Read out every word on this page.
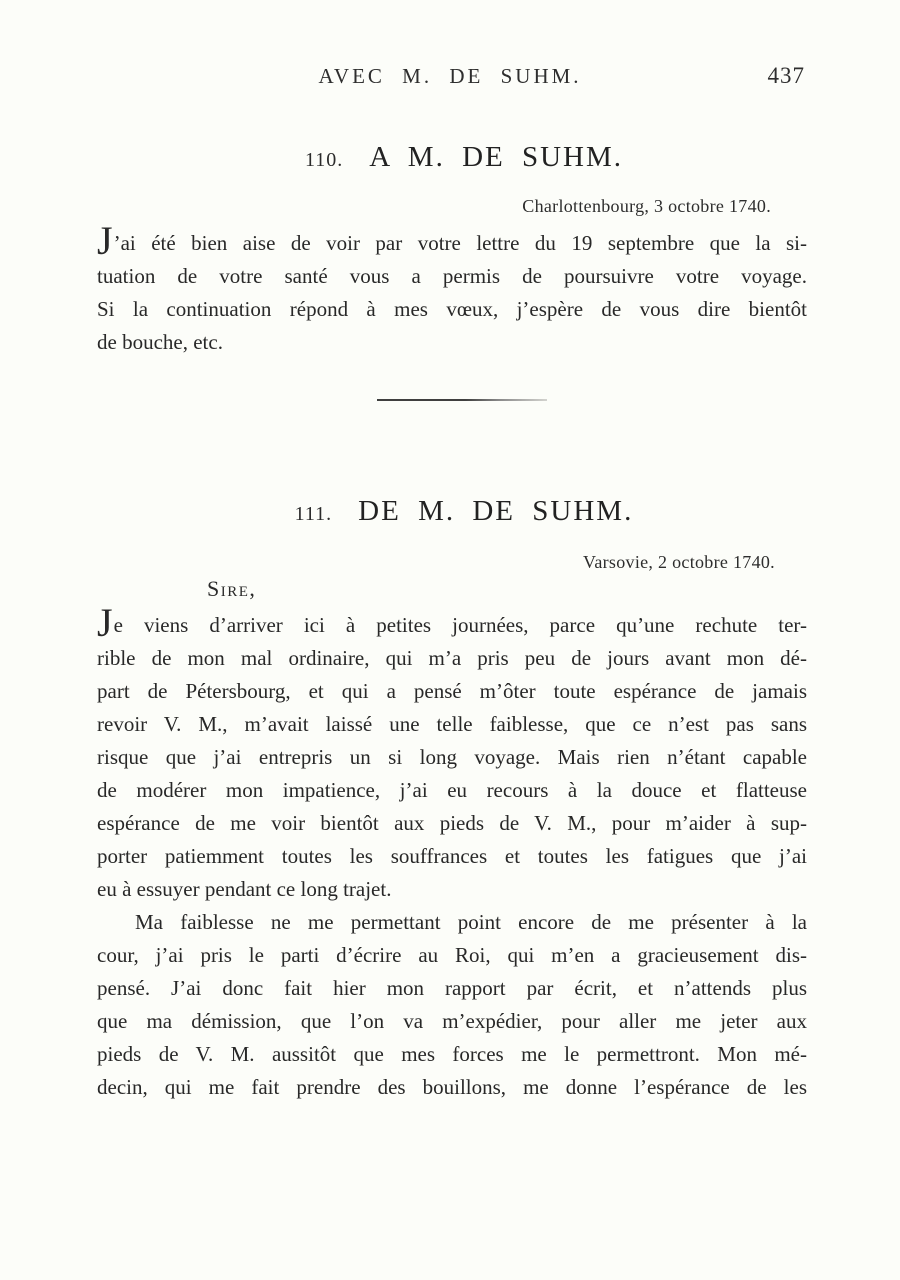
AVEC M. DE SUHM.	437
110. A M. DE SUHM.
Charlottenbourg, 3 octobre 1740.
J’ai été bien aise de voir par votre lettre du 19 septembre que la si-
tuation de votre santé vous a permis de poursuivre votre voyage.
Si la continuation répond à mes vœux, j’espère de vous dire bientôt
de bouche, etc.
111. DE M. DE SUHM.
Varsovie, 2 octobre 1740.
Sire,
Je viens d’arriver ici à petites journées, parce qu’une rechute ter-
rible de mon mal ordinaire, qui m’a pris peu de jours avant mon dé-
part de Pétersbourg, et qui a pensé m’ôter toute espérance de jamais
revoir V. M., m’avait laissé une telle faiblesse, que ce n’est pas sans
risque que j’ai entrepris un si long voyage. Mais rien n’étant capable
de modérer mon impatience, j’ai eu recours à la douce et flatteuse
espérance de me voir bientôt aux pieds de V. M., pour m’aider à sup-
porter patiemment toutes les souffrances et toutes les fatigues que j’ai
eu à essuyer pendant ce long trajet.
Ma faiblesse ne me permettant point encore de me présenter à la
cour, j’ai pris le parti d’écrire au Roi, qui m’en a gracieusement dis-
pensé. J’ai donc fait hier mon rapport par écrit, et n’attends plus
que ma démission, que l’on va m’expédier, pour aller me jeter aux
pieds de V. M. aussitôt que mes forces me le permettront. Mon mé-
decin, qui me fait prendre des bouillons, me donne l’espérance de les
